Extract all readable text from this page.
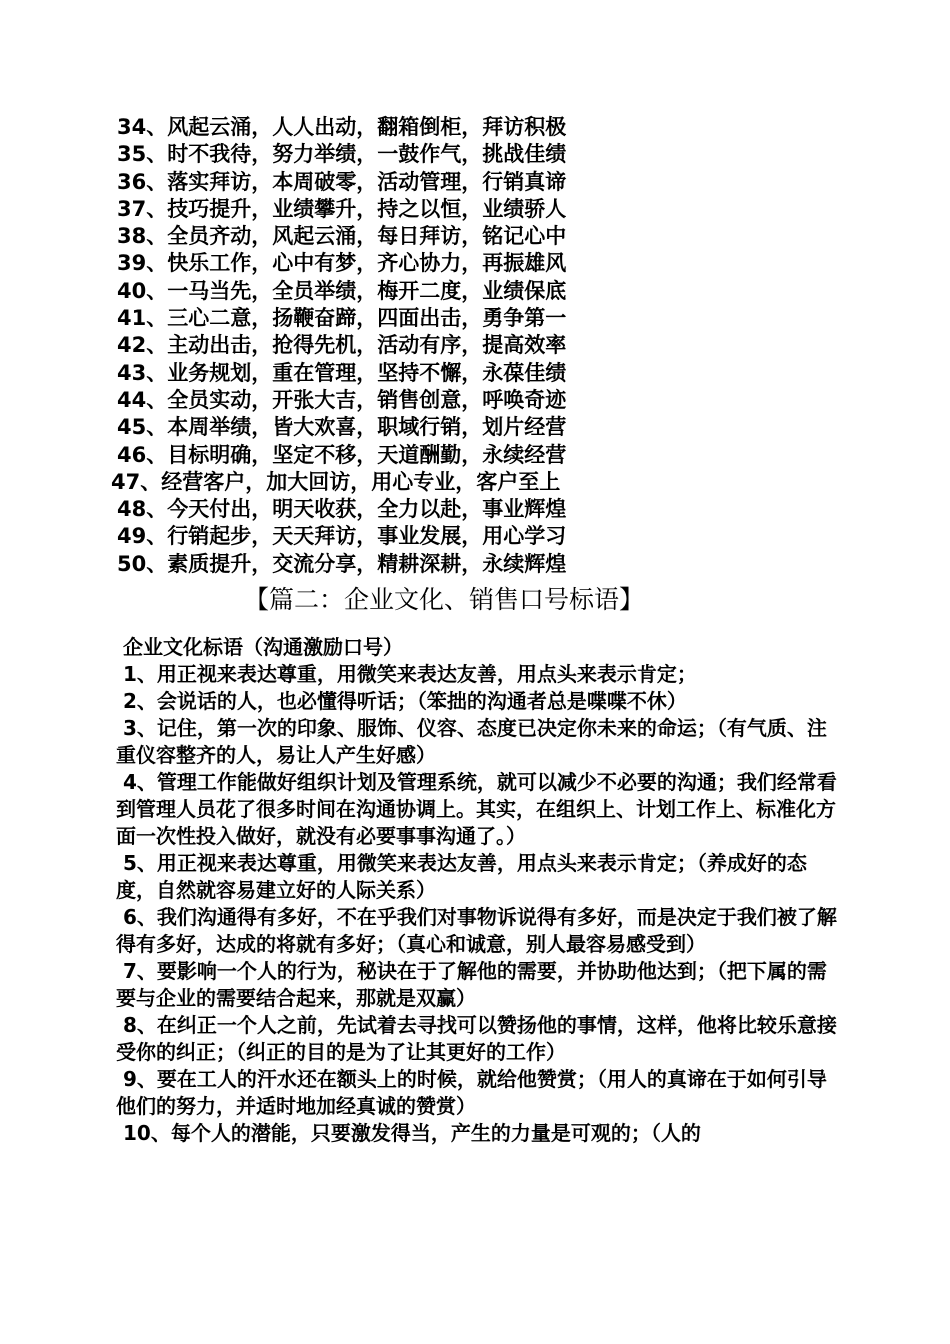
34、风起云涌，人人出动，翻箱倒柜，拜访积极
35、时不我待，努力举绩，一鼓作气，挑战佳绩
36、落实拜访，本周破零，活动管理，行销真谛
37、技巧提升，业绩攀升，持之以恒，业绩骄人
38、全员齐动，风起云涌，每日拜访，铭记心中
39、快乐工作，心中有梦，齐心协力，再振雄风
40、一马当先，全员举绩，梅开二度，业绩保底
41、三心二意，扬鞭奋蹄，四面出击，勇争第一
42、主动出击，抢得先机，活动有序，提高效率
43、业务规划，重在管理，坚持不懈，永葆佳绩
44、全员实动，开张大吉，销售创意，呼唤奇迹
45、本周举绩，皆大欢喜，职域行销，划片经营
46、目标明确，坚定不移，天道酬勤，永续经营
47、经营客户，加大回访，用心专业，客户至上
48、今天付出，明天收获，全力以赴，事业辉煌
49、行销起步，天天拜访，事业发展，用心学习
50、素质提升，交流分享，精耕深耕，永续辉煌
【篇二：企业文化、销售口号标语】
企业文化标语（沟通激励口号）
1、用正视来表达尊重，用微笑来表达友善，用点头来表示肯定；
2、会说话的人，也必懂得听话；（笨拙的沟通者总是喋喋不休）
3、记住，第一次的印象、服饰、仪容、态度已决定你未来的命运；（有气质、注重仪容整齐的人，易让人产生好感）
4、管理工作能做好组织计划及管理系统，就可以减少不必要的沟通；我们经常看到管理人员花了很多时间在沟通协调上。其实，在组织上、计划工作上、标准化方面一次性投入做好，就没有必要事事沟通了。）
5、用正视来表达尊重，用微笑来表达友善，用点头来表示肯定；（养成好的态度，自然就容易建立好的人际关系）
6、我们沟通得有多好，不在乎我们对事物诉说得有多好，而是决定于我们被了解得有多好，达成的将就有多好；（真心和诚意，别人最容易感受到）
7、要影响一个人的行为，秘诀在于了解他的需要，并协助他达到；（把下属的需要与企业的需要结合起来，那就是双赢）
8、在纠正一个人之前，先试着去寻找可以赞扬他的事情，这样，他将比较乐意接受你的纠正；（纠正的目的是为了让其更好的工作）
9、要在工人的汗水还在额头上的时候，就给他赞赏；（用人的真谛在于如何引导他们的努力，并适时地加经真诚的赞赏）
10、每个人的潜能，只要激发得当，产生的力量是可观的；（人的
